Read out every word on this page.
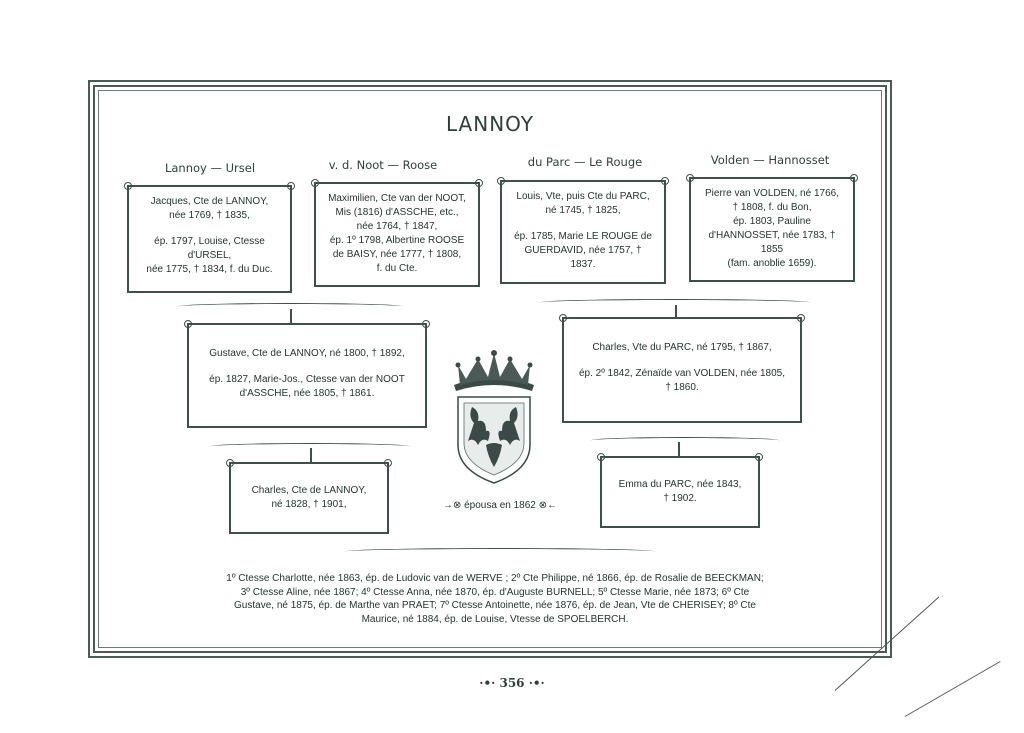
LANNOY
Lannoy — Ursel	v. d. Noot — Roose	du Parc — Le Rouge	Volden — Hannosset
Jacques, Cte de LANNOY,
née 1769, † 1835,
ép. 1797, Louise, Ctesse d'URSEL,
née 1775, † 1834, f. du Duc.
Maximilien, Cte van der NOOT,
Mis (1816) d'ASSCHE, etc.,
née 1764, † 1847,
ép. 1º 1798, Albertine ROOSE
de BAISY, née 1777, † 1808,
f. du Cte.
Louis, Vte, puis Cte du PARC,
né 1745, † 1825,
ép. 1785, Marie LE ROUGE de
GUERDAVID, née 1757, † 1837.
Pierre van VOLDEN, né 1766,
† 1808, f. du Bon,
ép. 1803, Pauline
d'HANNOSSET, née 1783, † 1855
(fam. anoblie 1659).
Gustave, Cte de LANNOY, né 1800, † 1892,
ép. 1827, Marie-Jos., Ctesse van der NOOT
d'ASSCHE, née 1805, † 1861.
Charles, Vte du PARC, né 1795, † 1867,
ép. 2º 1842, Zénaïde van VOLDEN, née 1805,
† 1860.
Charles, Cte de LANNOY,
né 1828, † 1901,
Emma du PARC, née 1843,
† 1902.
→⊗ épousa en 1862 ⊗←
1º Ctesse Charlotte, née 1863, ép. de Ludovic van de WERVE ; 2º Cte Philippe, né 1866, ép. de Rosalie de BEECKMAN; 3º Ctesse Aline, née 1867; 4º Ctesse Anna, née 1870, ép. d'Auguste BURNELL; 5º Ctesse Marie, née 1873; 6º Cte Gustave, né 1875, ép. de Marthe van PRAET; 7º Ctesse Antoinette, née 1876, ép. de Jean, Vte de CHERISEY; 8º Cte Maurice, né 1884, ép. de Louise, Vtesse de SPOELBERCH.
·•· 356 ·•·
